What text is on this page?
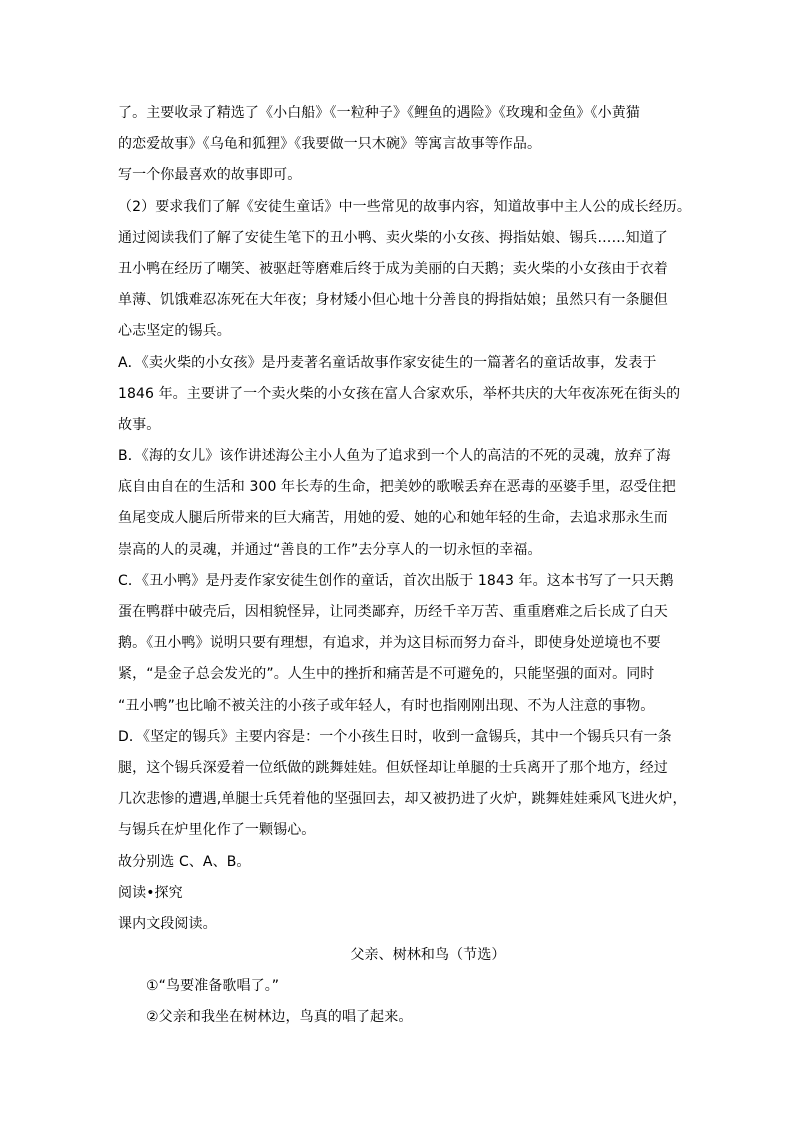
了。主要收录了精选了《小白船》《一粒种子》《鲤鱼的遇险》《玫瑰和金鱼》《小黄猫
的恋爱故事》《乌龟和狐狸》《我要做一只木碗》等寓言故事等作品。
写一个你最喜欢的故事即可。
（2）要求我们了解《安徒生童话》中一些常见的故事内容，知道故事中主人公的成长经历。
通过阅读我们了解了安徒生笔下的丑小鸭、卖火柴的小女孩、拇指姑娘、锡兵……知道了
丑小鸭在经历了嘲笑、被驱赶等磨难后终于成为美丽的白天鹅；卖火柴的小女孩由于衣着
单薄、饥饿难忍冻死在大年夜；身材矮小但心地十分善良的拇指姑娘；虽然只有一条腿但
心志坚定的锡兵。
A．《卖火柴的小女孩》是丹麦著名童话故事作家安徒生的一篇著名的童话故事，发表于
1846 年。主要讲了一个卖火柴的小女孩在富人合家欢乐，举杯共庆的大年夜冻死在街头的
故事。
B．《海的女儿》该作讲述海公主小人鱼为了追求到一个人的高洁的不死的灵魂，放弃了海
底自由自在的生活和 300 年长寿的生命，把美妙的歌喉丢弃在恶毒的巫婆手里，忍受住把
鱼尾变成人腿后所带来的巨大痛苦，用她的爱、她的心和她年轻的生命，去追求那永生而
崇高的人的灵魂，并通过“善良的工作”去分享人的一切永恒的幸福。
C．《丑小鸭》是丹麦作家安徒生创作的童话，首次出版于 1843 年。这本书写了一只天鹅
蛋在鸭群中破壳后，因相貌怪异，让同类鄙弃，历经千辛万苦、重重磨难之后长成了白天
鹅。《丑小鸭》说明只要有理想，有追求，并为这目标而努力奋斗，即使身处逆境也不要
紧，“是金子总会发光的”。人生中的挫折和痛苦是不可避免的，只能坚强的面对。同时
“丑小鸭”也比喻不被关注的小孩子或年轻人，有时也指刚刚出现、不为人注意的事物。
D．《坚定的锡兵》主要内容是：一个小孩生日时，收到一盒锡兵，其中一个锡兵只有一条
腿，这个锡兵深爱着一位纸做的跳舞娃娃。但妖怪却让单腿的士兵离开了那个地方，经过
几次悲惨的遭遇,单腿士兵凭着他的坚强回去，却又被扔进了火炉，跳舞娃娃乘风飞进火炉，
与锡兵在炉里化作了一颗锡心。
故分别选 C、A、B。
阅读•探究
课内文段阅读。
父亲、树林和鸟（节选）
①“鸟要准备歌唱了。”
②父亲和我坐在树林边，鸟真的唱了起来。
